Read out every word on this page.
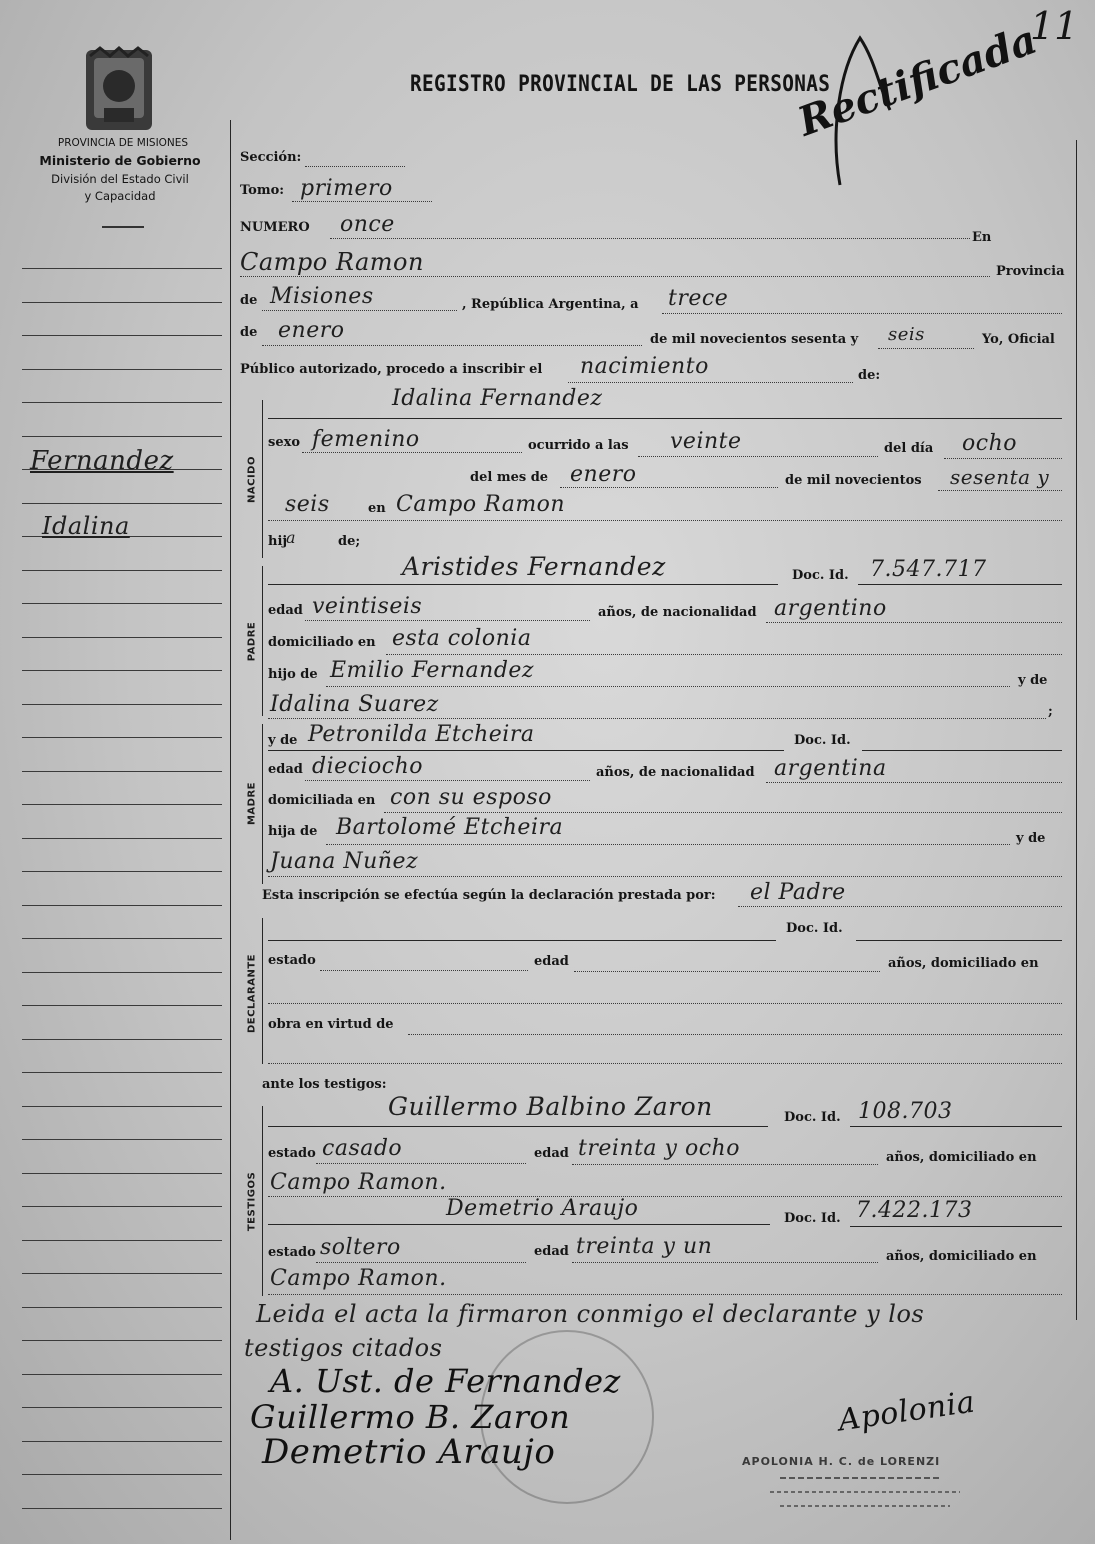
11
PROVINCIA DE MISIONES
Ministerio de Gobierno
División del Estado Civil
y Capacidad
REGISTRO PROVINCIAL DE LAS PERSONAS
Rectificada
Fernandez
Idalina
Sección:
Tomo: primero
NUMERO once
En
Campo Ramon	Provincia
de Misiones	, República Argentina, a trece
de enero	de mil novecientos sesenta y seis	Yo, Oficial
Público autorizado, procedo a inscribir el nacimiento	de:
NACIDO
Idalina Fernandez
sexo femenino	ocurrido a las veinte	del día ocho
del mes de enero	de mil novecientos sesenta y
seis	en Campo Ramon
hij
a	de;
PADRE
Aristides Fernandez	Doc. Id. 7.547.717
edad veintiseis	años, de nacionalidad argentino
domiciliado en esta colonia
hijo de Emilio Fernandez	y de
Idalina Suarez	;
MADRE
y de Petronilda Etcheira	Doc. Id.
edad dieciocho	años, de nacionalidad argentina
domiciliada en con su esposo
hija de Bartolomé Etcheira	y de
Juana Nuñez
Esta inscripción se efectúa según la declaración prestada por: el Padre
DECLARANTE
Doc. Id.
estado	edad	años, domiciliado en
obra en virtud de
ante los testigos:
TESTIGOS
Guillermo Balbino Zaron	Doc. Id. 108.703
estado casado	edad treinta y ocho	años, domiciliado en
Campo Ramon.
Demetrio Araujo	Doc. Id. 7.422.173
estado soltero	edad treinta y un	años, domiciliado en
Campo Ramon.
Leida el acta la firmaron conmigo el declarante y los
testigos citados
A. Ust. de Fernandez
Guillermo B. Zaron
Demetrio Araujo
Apolonia
APOLONIA H. C. de LORENZI
